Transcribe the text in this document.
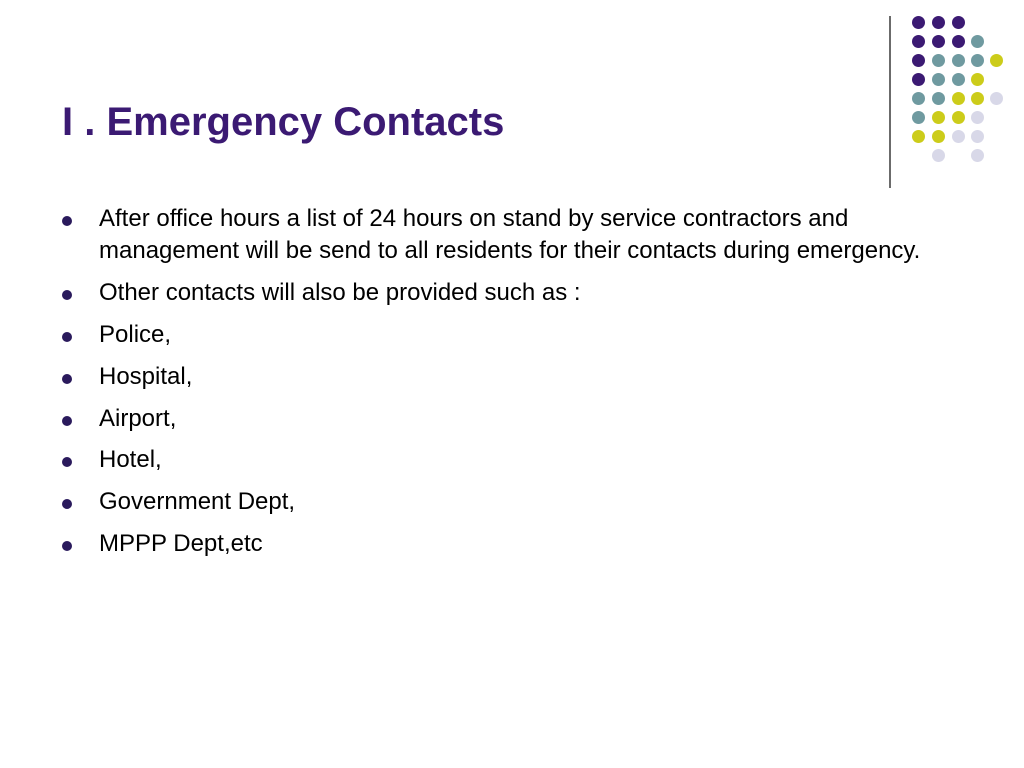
I . Emergency Contacts
After office hours a list of 24 hours on stand by service contractors and management will be send to all residents for their contacts during emergency.
Other contacts will also be provided such as :
Police,
Hospital,
Airport,
Hotel,
Government Dept,
MPPP Dept,etc
